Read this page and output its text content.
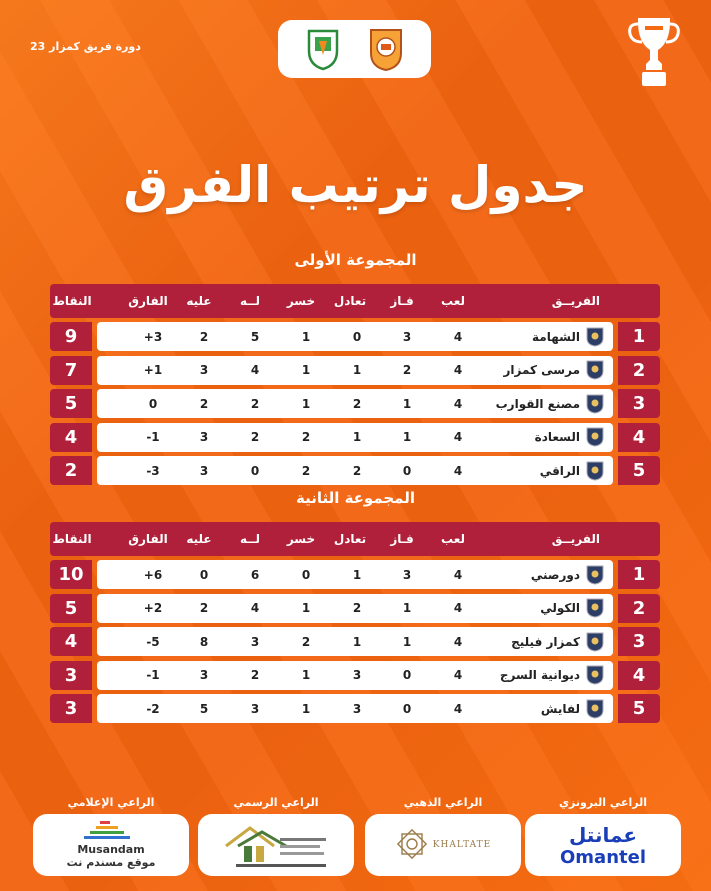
دورة فريق كمزار 23
جدول ترتيب الفرق
المجموعة الأولى
الفريــق
لعب
فـاز
تعادل
خسر
لــه
عليه
الفارق
النقاط
1
الشهامة
4
3
0
1
5
2
+3
9
2
مرسى كمزار
4
2
1
1
4
3
+1
7
3
مصنع القوارب
4
1
2
1
2
2
0
5
4
السعادة
4
1
1
2
2
3
-1
4
5
الراقي
4
0
2
2
0
3
-3
2
المجموعة الثانية
الفريــق
لعب
فـاز
تعادل
خسر
لــه
عليه
الفارق
النقاط
1
دورصني
4
3
1
0
6
0
+6
10
2
الكولي
4
1
2
1
4
2
+2
5
3
كمزار فيليج
4
1
1
2
3
8
-5
4
4
ديوانية السرج
4
0
3
1
2
3
-1
3
5
لفايش
4
0
3
1
3
5
-2
3
الراعي البرونزي
الراعي الذهبي
الراعي الرسمي
الراعي الإعلامي
عمانتل
Omantel
KHALTATE
Musandam
موقع مسندم نت
